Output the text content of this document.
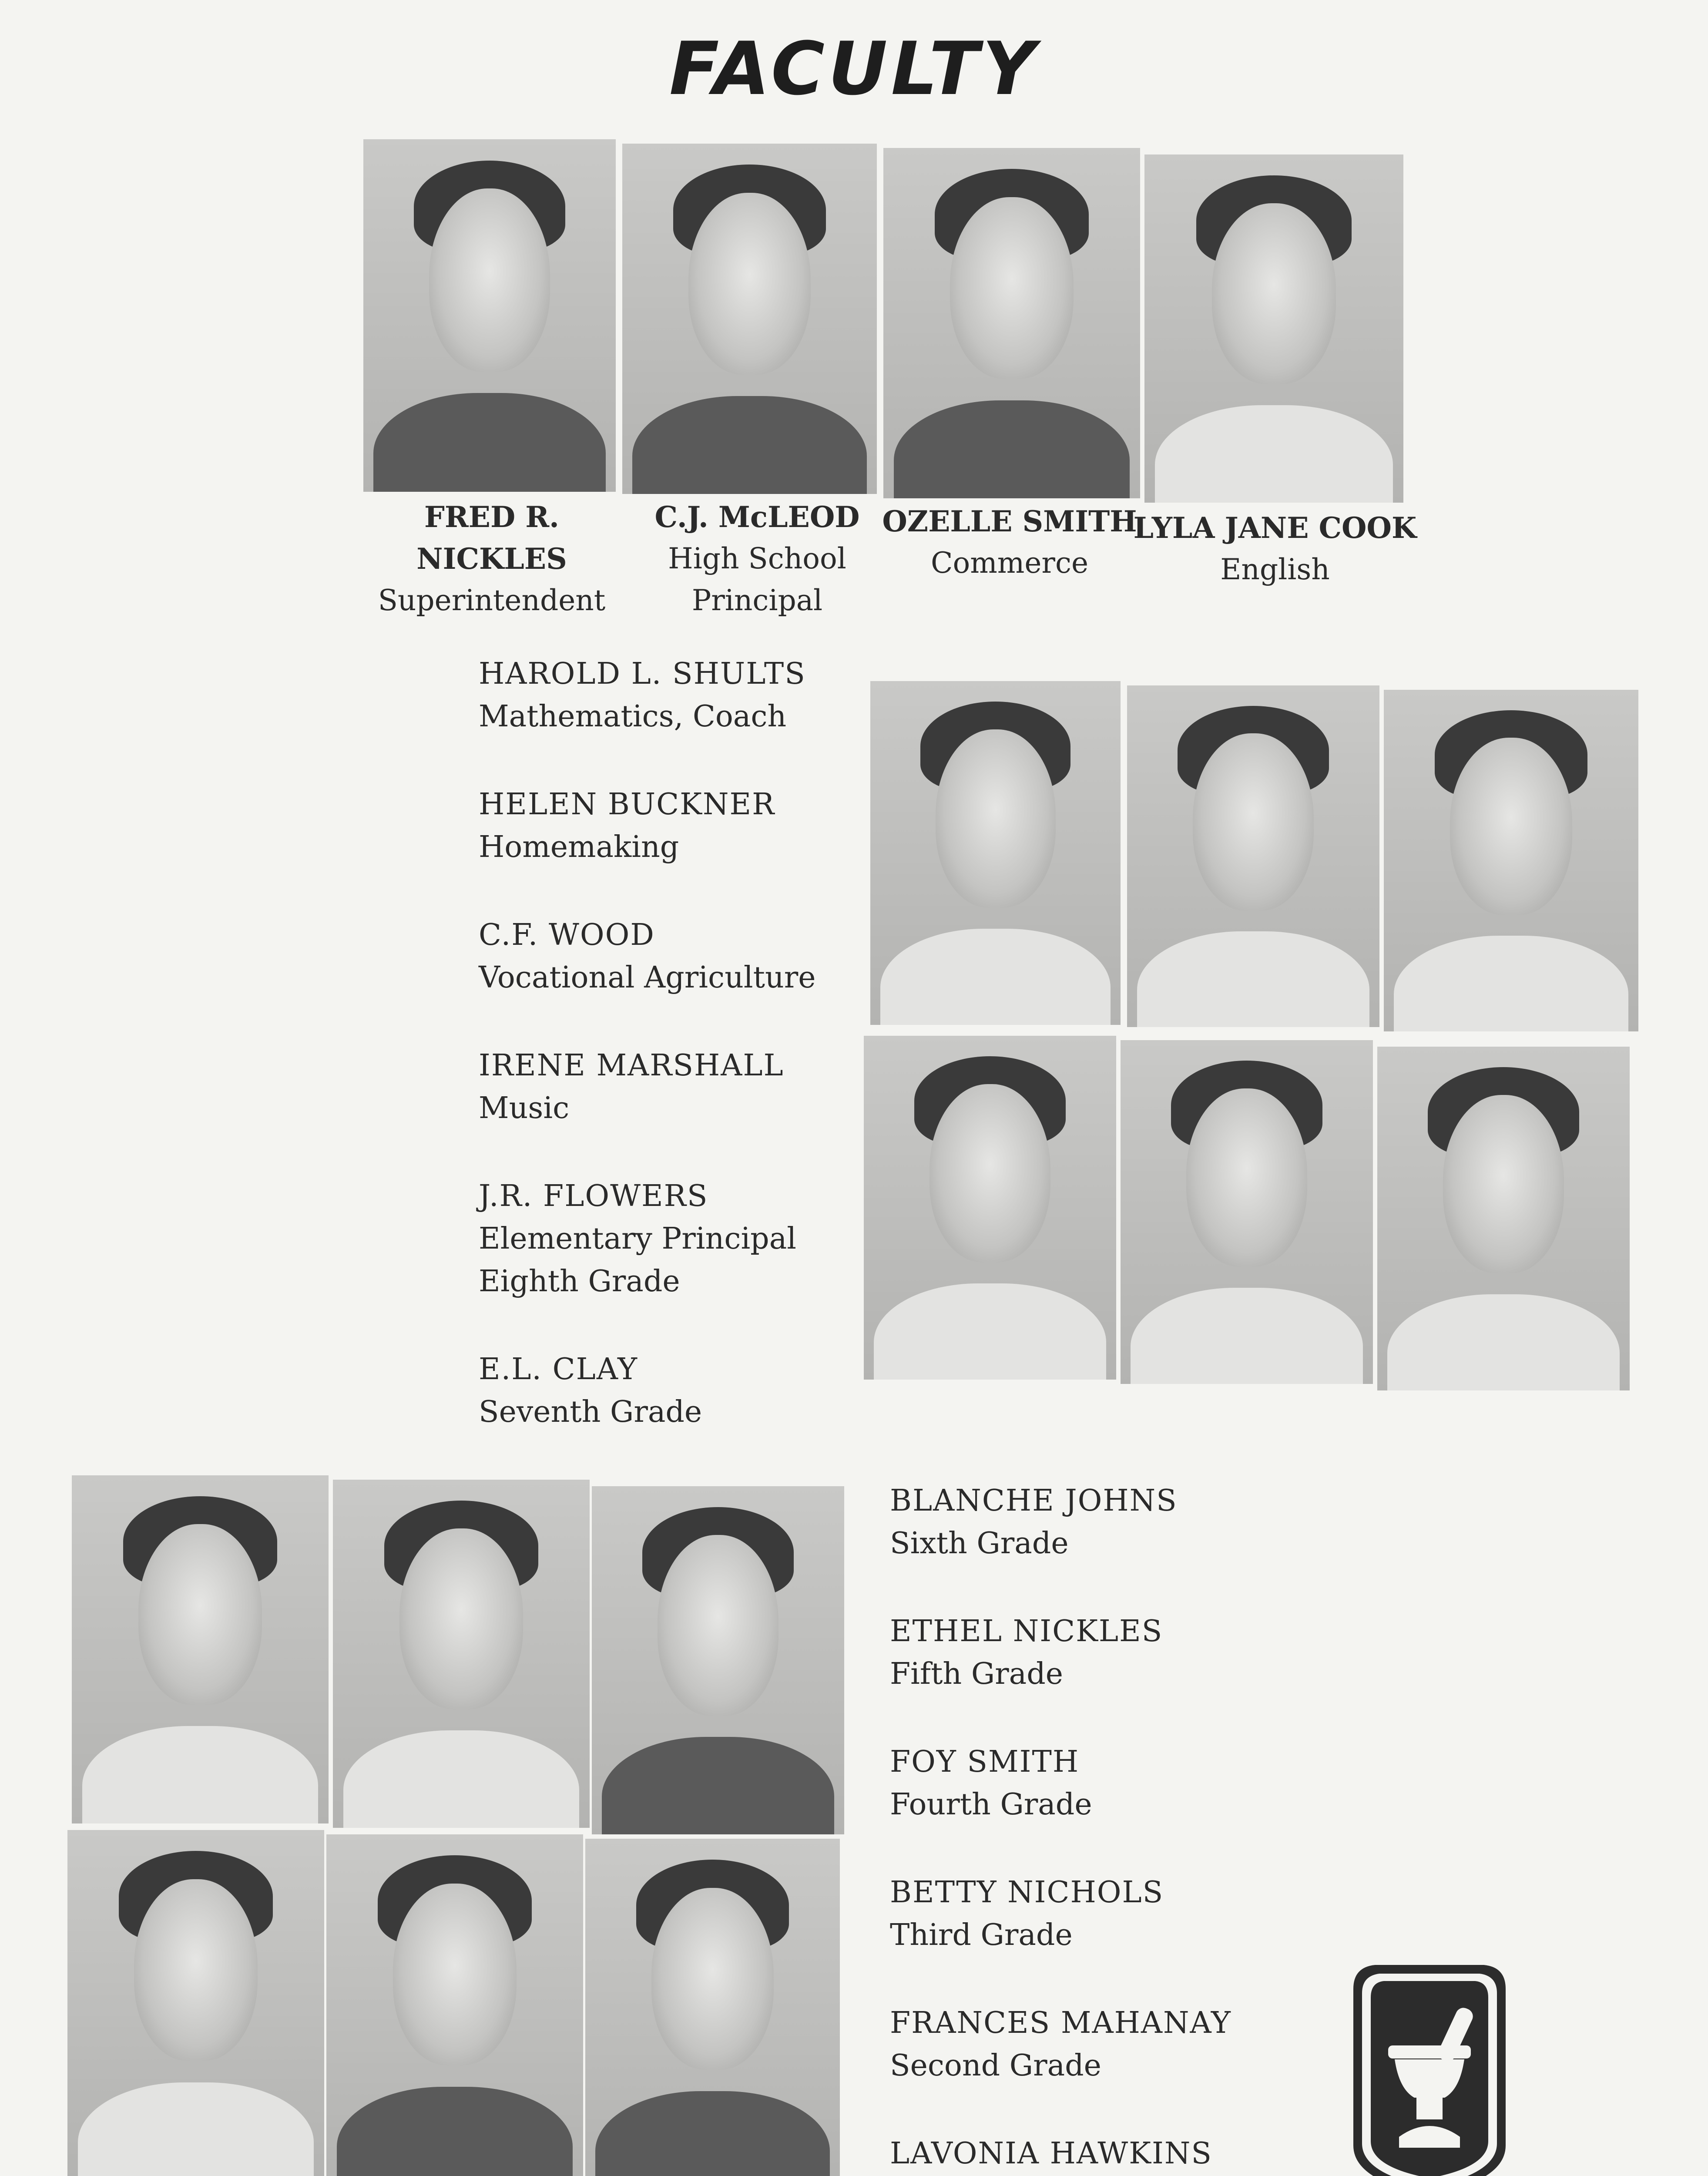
FACULTY
FRED R. NICKLES
Superintendent
C.J. McLEOD
High School
Principal
OZELLE SMITH
Commerce
LYLA JANE COOK
English
HAROLD L. SHULTS
Mathematics, Coach
HELEN BUCKNER
Homemaking
C.F. WOOD
Vocational Agriculture
IRENE MARSHALL
Music
J.R. FLOWERS
Elementary Principal
Eighth Grade
E.L. CLAY
Seventh Grade
BLANCHE JOHNS
Sixth Grade
ETHEL NICKLES
Fifth Grade
FOY SMITH
Fourth Grade
BETTY NICHOLS
Third Grade
FRANCES MAHANAY
Second Grade
LAVONIA HAWKINS
